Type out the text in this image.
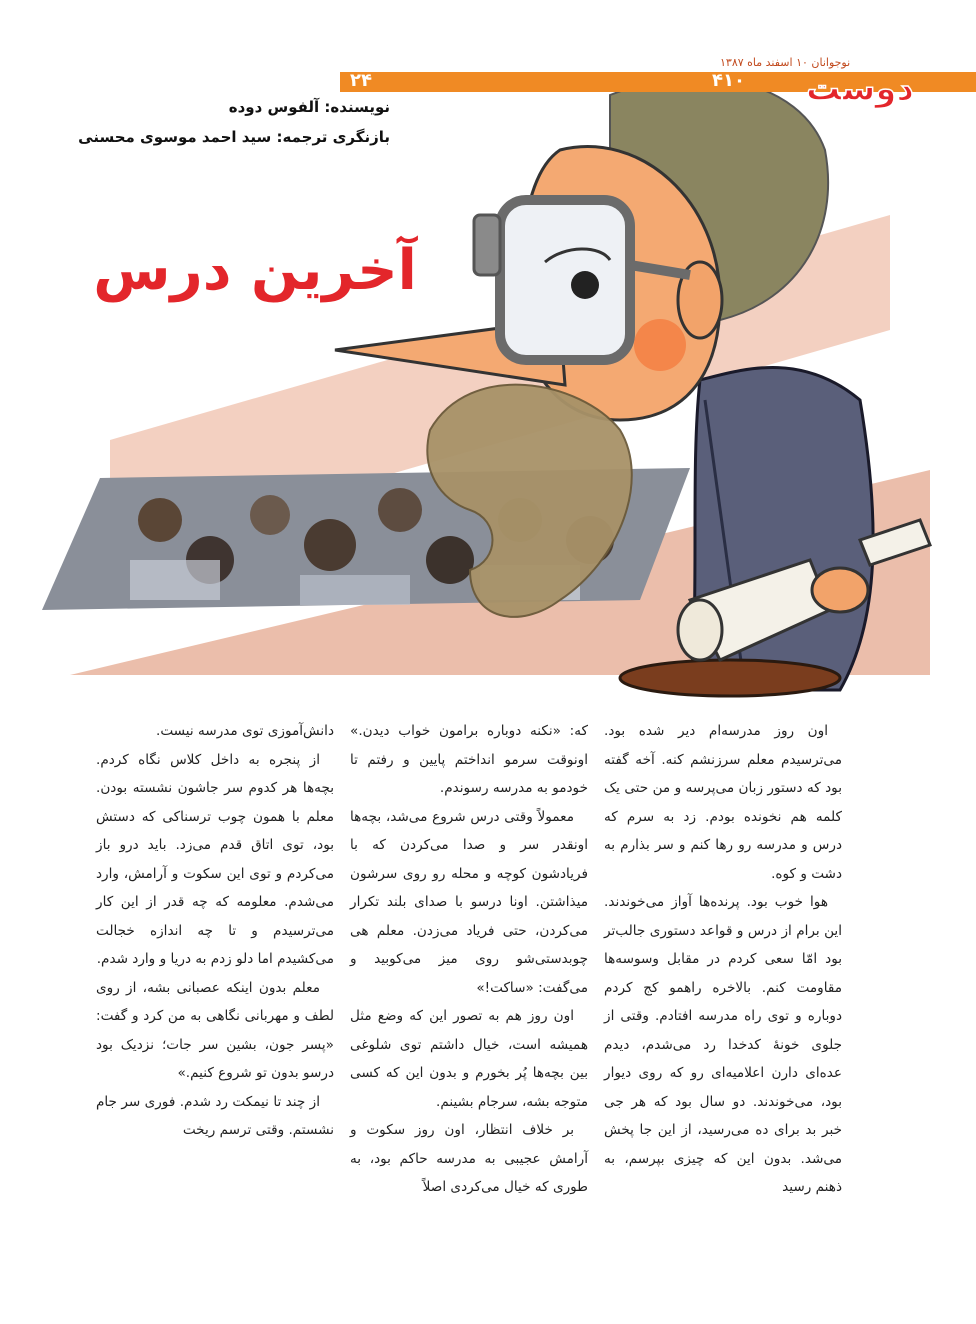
۲۴	۴۱۰
نوجوانان ۱۰ اسفند ماه ۱۳۸۷
دوست
نویسنده: آلفوس دوده
بازنگری ترجمه: سید احمد موسوی محسنی
آخرین درس

اون روز مدرسه‌ام دیر شده بود. می‌ترسیدم معلم سرزنشم کنه. آخه گفته بود که دستور زبان می‌پرسه و من حتی یک کلمه هم نخونده بودم. زد به سرم که درس و مدرسه رو رها کنم و سر بذارم به دشت و کوه.

هوا خوب بود. پرنده‌ها آواز می‌خوندند. این برام از درس و قواعد دستوری جالب‌تر بود امّا سعی کردم در مقابل وسوسه‌ها مقاومت کنم. بالاخره راهمو کج کردم دوباره و توی راه مدرسه افتادم. وقتی از جلوی خونهٔ کدخدا رد می‌شدم، دیدم عده‌ای دارن اعلامیه‌ای رو که روی دیوار بود، می‌خوندند. دو سال بود که هر جی خبر بد برای ده می‌رسید، از این جا پخش می‌شد. بدون این که چیزی بپرسم، به ذهنم رسید

که: «نکنه دوباره برامون خواب دیدن.» اونوقت سرمو انداختم پایین و رفتم تا خودمو به مدرسه رسوندم.

معمولاً وقتی درس شروع می‌شد، بچه‌ها اونقدر سر و صدا می‌کردن که با فریادشون کوچه و محله رو روی سرشون میذاشتن. اونا درسو با صدای بلند تکرار می‌کردن، حتی فریاد می‌زدن. معلم هی چوبدستی‌شو روی میز می‌کوبید و می‌گفت: «ساکت!»

اون روز هم به تصور این که وضع مثل همیشه است، خیال داشتم توی شلوغی بین بچه‌ها پُر بخورم و بدون این که کسی متوجه بشه، سرجام بشینم.

بر خلاف انتظار، اون روز سکوت و آرامش عجیبی به مدرسه حاکم بود، به طوری که خیال می‌کردی اصلاً

دانش‌آموزی توی مدرسه نیست.

از پنجره به داخل کلاس نگاه کردم. بچه‌ها هر کدوم سر جاشون نشسته بودن. معلم با همون چوب ترسناکی که دستش بود، توی اتاق قدم می‌زد. باید درو باز می‌کردم و توی این سکوت و آرامش، وارد می‌شدم. معلومه که چه قدر از این کار می‌ترسیدم و تا چه اندازه خجالت می‌کشیدم اما دلو زدم به دریا و وارد شدم.

معلم بدون اینکه عصبانی بشه، از روی لطف و مهربانی نگاهی به من کرد و گفت: «پسر جون، بشین سر جات؛ نزدیک بود درسو بدون تو شروع کنیم.»

از چند تا نیمکت رد شدم. فوری سر جام نشستم. وقتی ترسم ریخت
